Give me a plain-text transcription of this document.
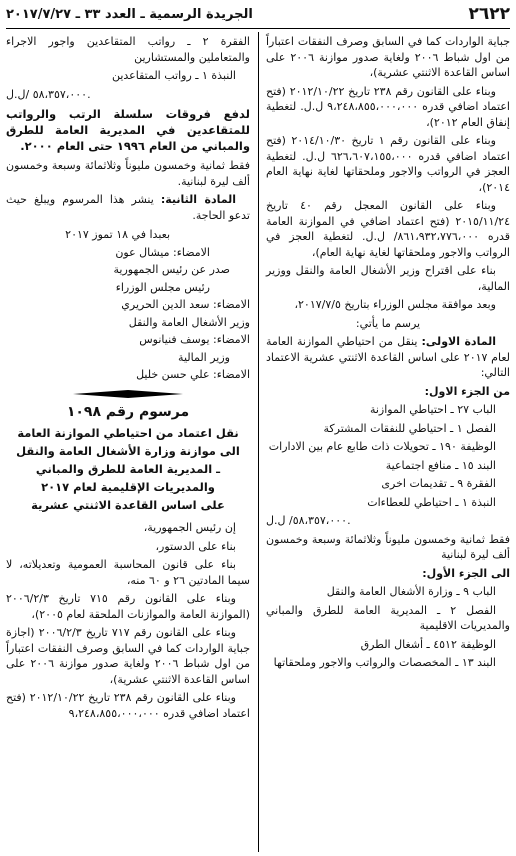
٢٦٢٢
الجريدة الرسمية ـ العدد ٣٣ ـ ٢٠١٧/٧/٢٧

جباية الواردات كما في السابق وصرف النفقات اعتباراً من اول شباط ٢٠٠٦ ولغاية صدور موازنة ٢٠٠٦ على اساس القاعدة الاثنتي عشرية)،

وبناء على القانون رقم ٢٣٨ تاريخ ٢٠١٢/١٠/٢٢ (فتح اعتماد اضافي قدره ٩،٢٤٨،٨٥٥،٠٠٠،٠٠٠ ل.ل. لتغطية إنفاق العام ٢٠١٢)،

وبناء على القانون رقم ١ تاريخ ٢٠١٤/١٠/٣٠ (فتح اعتماد اضافي قدره ٦٢٦،٦٠٧،١٥٥،٠٠٠ ل.ل. لتغطية العجز في الرواتب والاجور وملحقاتها لغاية نهاية العام ٢٠١٤)،

وبناء على القانون المعجل رقم ٤٠ تاريخ ٢٠١٥/١١/٢٤ (فتح اعتماد اضافي في الموازنة العامة قدره ٨٦١،٩٣٢،٧٧٦،٠٠٠/ ل.ل. لتغطية العجز في الرواتب والاجور وملحقاتها لغاية نهاية العام)،

بناء على اقتراح وزير الأشغال العامة والنقل ووزير المالية،

وبعد موافقة مجلس الوزراء بتاريخ ٢٠١٧/٧/٥،

يرسم ما يأتي:

المادة الاولى: ينقل من احتياطي الموازنة العامة لعام ٢٠١٧ على اساس القاعدة الاثنتي عشرية الاعتماد التالي:

من الجزء الاول:

الباب ٢٧ ـ احتياطي الموازنة

الفصل ١ ـ احتياطي للنفقات المشتركة

الوظيفة ١٩٠ ـ تحويلات ذات طابع عام بين الادارات

البند ١٥ ـ منافع اجتماعية

الفقرة ٩ ـ تقديمات اخرى

النبذة ١ ـ احتياطي للعطاءات

٥٨،٣٥٧،٠٠٠/ ل.ل.

فقط ثمانية وخمسون مليوناً وثلاثمائة وسبعة وخمسون ألف ليرة لبنانية

الى الجزء الأول:

الباب ٩ ـ وزارة الأشغال العامة والنقل

الفصل ٢ ـ المديرية العامة للطرق والمباني والمديريات الاقليمية

الوظيفة ٤٥١٢ ـ أشغال الطرق

البند ١٣ ـ المخصصات والرواتب والاجور وملحقاتها

الفقرة ٢ ـ رواتب المتقاعدين واجور الاجراء والمتعاملين والمستشارين

النبذة ١ ـ رواتب المتقاعدين

٥٨،٣٥٧،٠٠٠ /ل.ل.

لدفع فروقات سلسلة الرتب والرواتب للمتقاعدين في المديرية العامة للطرق والمباني من العام ١٩٩٦ حتى العام ٢٠٠٠.

فقط ثمانية وخمسون مليوناً وثلاثمائة وسبعة وخمسون ألف ليرة لبنانية.

المادة الثانية: ينشر هذا المرسوم ويبلغ حيث تدعو الحاجة.

بعبدا في ١٨ تموز ٢٠١٧

الامضاء: ميشال عون

صدر عن رئيس الجمهورية

رئيس مجلس الوزراء

الامضاء: سعد الدين الحريري

وزير الأشغال العامة والنقل

الامضاء: يوسف فنيانوس

وزير المالية

الامضاء: علي حسن خليل

مرسوم رقم ١٠٩٨
نقل اعتماد من احتياطي الموازنة العامة
الى موازنة وزارة الأشغال العامة والنقل
ـ المديرية العامة للطرق والمباني
والمديريات الإقليمية لعام ٢٠١٧
على اساس القاعدة الاثنتي عشرية

إن رئيس الجمهورية،

بناء على الدستور،

بناء على قانون المحاسبة العمومية وتعديلاته، لا سيما المادتين ٢٦ و ٦٠ منه،

وبناء على القانون رقم ٧١٥ تاريخ ٢٠٠٦/٢/٣ (الموازنة العامة والموازنات الملحقة لعام ٢٠٠٥)،

وبناء على القانون رقم ٧١٧ تاريخ ٢٠٠٦/٢/٣ (اجازة جباية الواردات كما في السابق وصرف النفقات اعتباراً من اول شباط ٢٠٠٦ ولغاية صدور موازنة ٢٠٠٦ على اساس القاعدة الاثنتي عشرية)،

وبناء على القانون رقم ٢٣٨ تاريخ ٢٠١٢/١٠/٢٢ (فتح اعتماد اضافي قدره ٩،٢٤٨،٨٥٥،٠٠٠،٠٠٠
